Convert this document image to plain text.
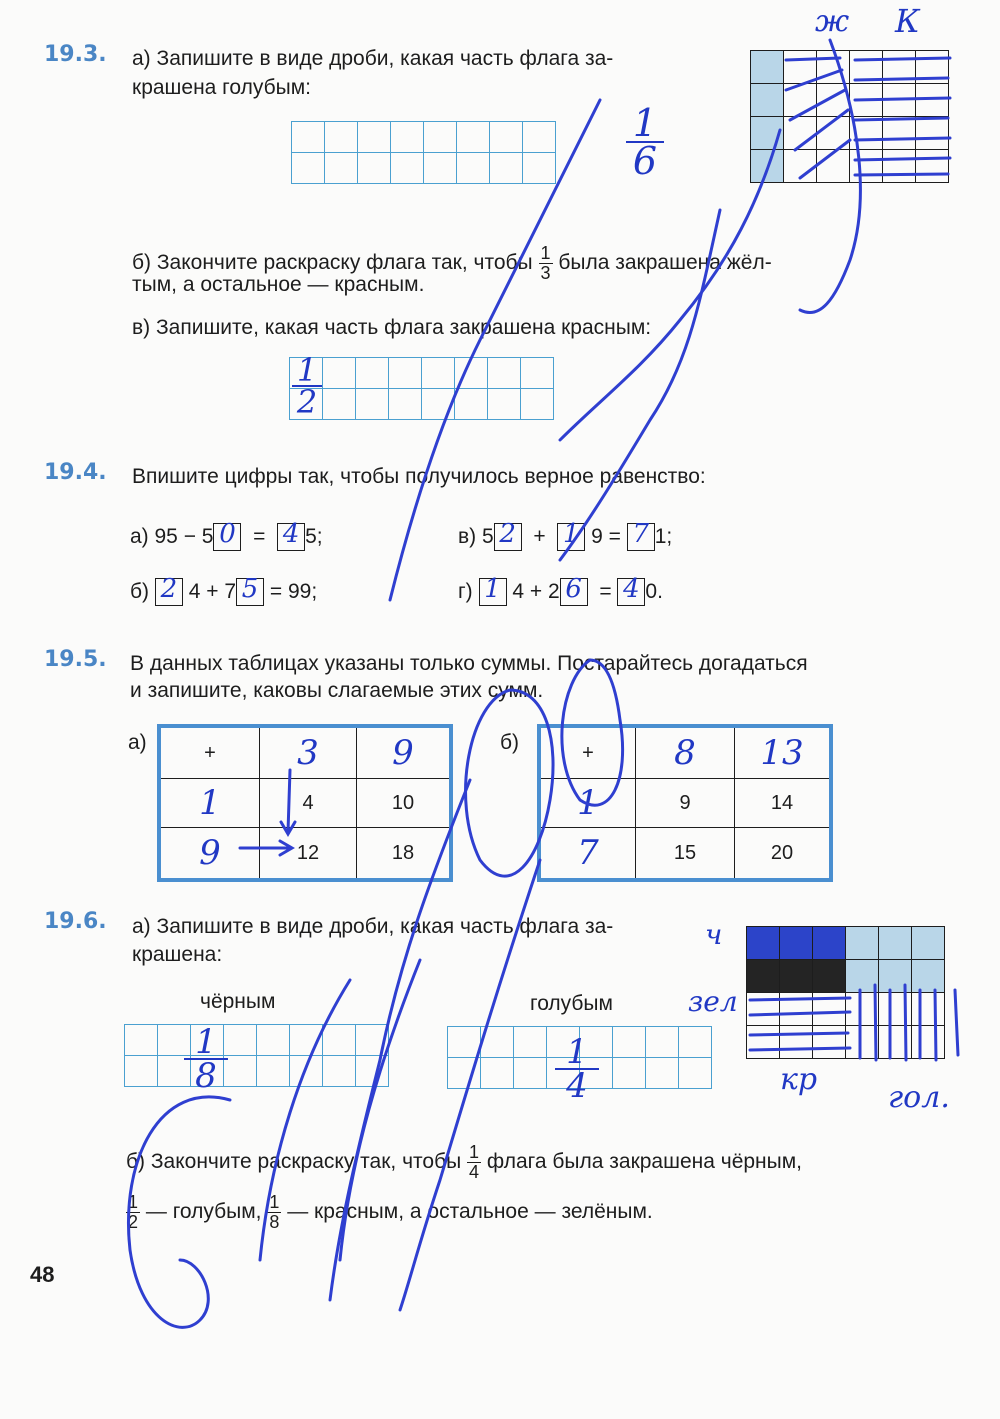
19.3. а) Запишите в виде дроби, какая часть флага за-
крашена голубым:

ж К
1
6
б) Закончите раскраску флага так, чтобы $\frac{1}{3}$ была закрашена жёл-
тым, а остальное — красным.
в) Запишите, какая часть флага закрашена красным:

1
2
19.4. Впишите цифры так, чтобы получилось верное равенство:
а) 95 − 5 0 = 4 5;	в) 5 2 + 1 9 = 7 1;
б) 2 4 + 7 5 = 99;	г) 1 4 + 2 6 = 4 0.
19.5. В данных таблицах указаны только суммы. Постарайтесь догадаться
и запишите, каковы слагаемые этих сумм.
а)	+	3	9
1	4	10
9	12	18
б)	+	8	13
1	9	14
7	15	20
19.6. а) Запишите в виде дроби, какая часть флага за-
крашена:
чёрным	голубым

1
8

1
4

ч
зел
кр
гол.
б) Закончите раскраску так, чтобы $\frac{1}{4}$ флага была закрашена чёрным,
$\frac{1}{2}$ — голубым, $\frac{1}{8}$ — красным, а остальное — зелёным.
48
